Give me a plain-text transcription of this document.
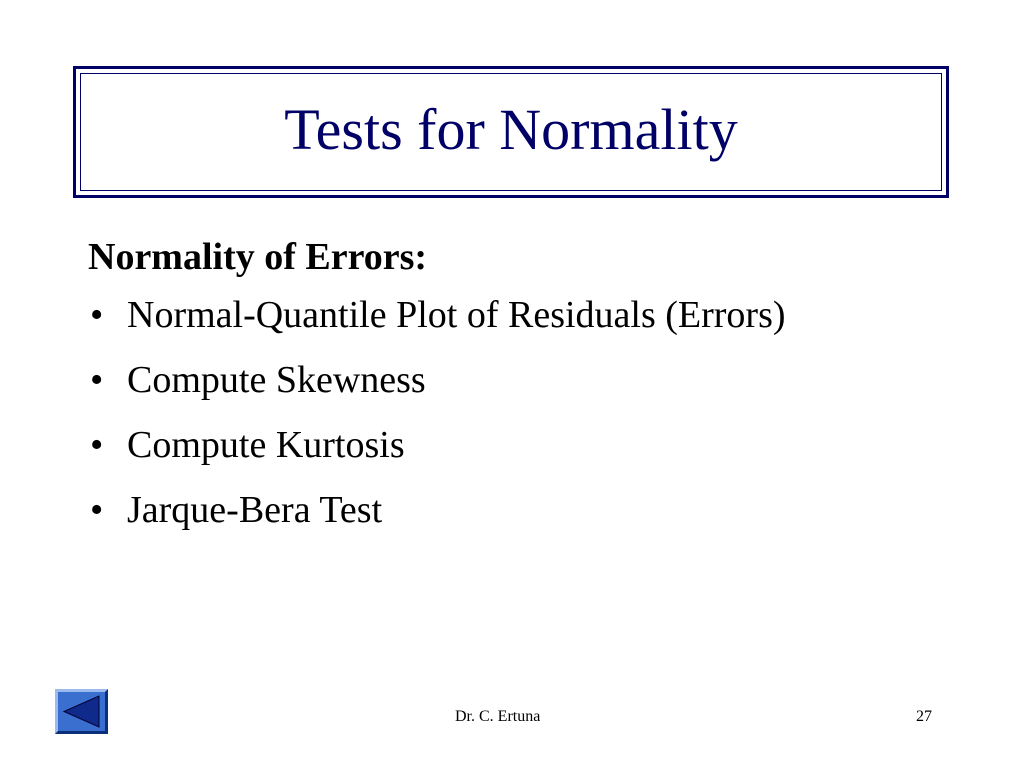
Tests for Normality
Normality of Errors:
• Normal-Quantile Plot of Residuals (Errors)
• Compute Skewness
• Compute Kurtosis
• Jarque-Bera Test
Dr. C. Ertuna	27
